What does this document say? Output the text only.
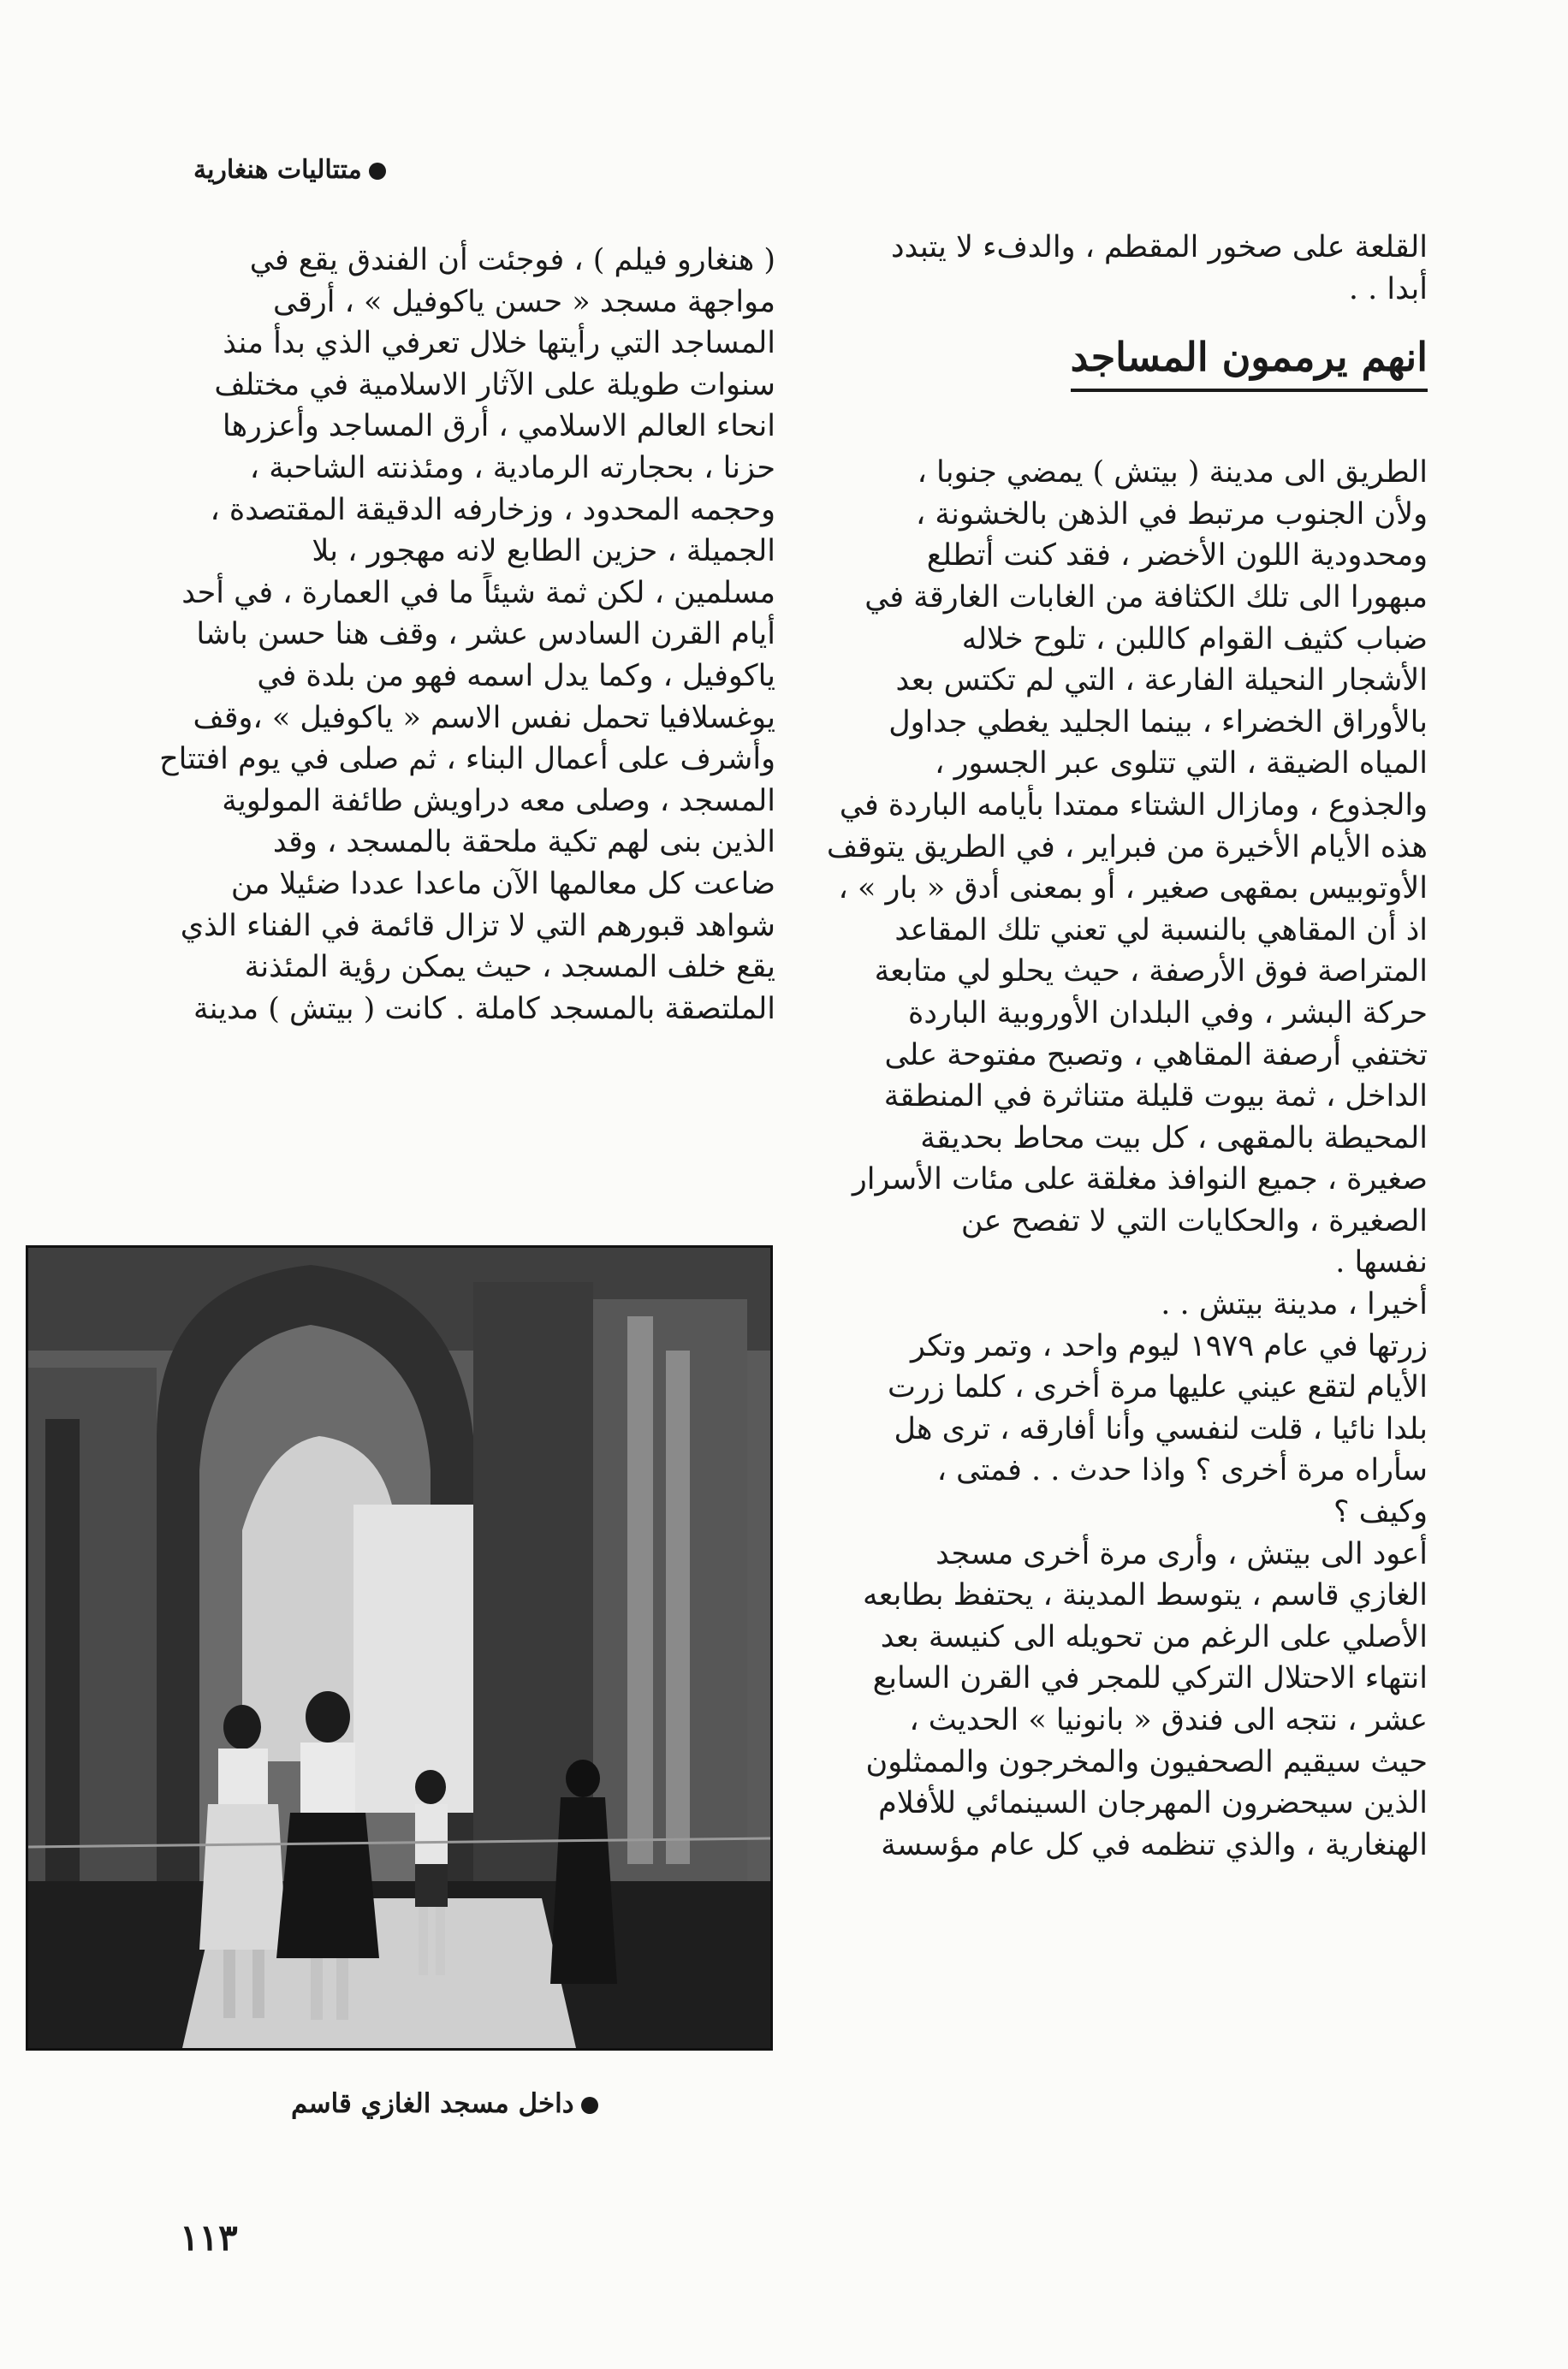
متتاليات هنغارية
القلعة على صخور المقطم ، والدفء لا يتبدد
أبدا . .
انهم يرممون المساجد
الطريق الى مدينة ( بيتش ) يمضي جنوبا ،
ولأن الجنوب مرتبط في الذهن بالخشونة ،
ومحدودية اللون الأخضر ، فقد كنت أتطلع
مبهورا الى تلك الكثافة من الغابات الغارقة في
ضباب كثيف القوام كاللبن ، تلوح خلاله
الأشجار النحيلة الفارعة ، التي لم تكتس بعد
بالأوراق الخضراء ، بينما الجليد يغطي جداول
المياه الضيقة ، التي تتلوى عبر الجسور ،
والجذوع ، ومازال الشتاء ممتدا بأيامه الباردة في
هذه الأيام الأخيرة من فبراير ، في الطريق يتوقف
الأوتوبيس بمقهى صغير ، أو بمعنى أدق « بار » ،
اذ أن المقاهي بالنسبة لي تعني تلك المقاعد
المتراصة فوق الأرصفة ، حيث يحلو لي متابعة
حركة البشر ، وفي البلدان الأوروبية الباردة
تختفي أرصفة المقاهي ، وتصبح مفتوحة على
الداخل ، ثمة بيوت قليلة متناثرة في المنطقة
المحيطة بالمقهى ، كل بيت محاط بحديقة
صغيرة ، جميع النوافذ مغلقة على مئات الأسرار
الصغيرة ، والحكايات التي لا تفصح عن
نفسها .
أخيرا ، مدينة بيتش . .
زرتها في عام ١٩٧٩ ليوم واحد ، وتمر وتكر
الأيام لتقع عيني عليها مرة أخرى ، كلما زرت
بلدا نائيا ، قلت لنفسي وأنا أفارقه ، ترى هل
سأراه مرة أخرى ؟ واذا حدث . . فمتى ،
وكيف ؟
أعود الى بيتش ، وأرى مرة أخرى مسجد
الغازي قاسم ، يتوسط المدينة ، يحتفظ بطابعه
الأصلي على الرغم من تحويله الى كنيسة بعد
انتهاء الاحتلال التركي للمجر في القرن السابع
عشر ، نتجه الى فندق « بانونيا » الحديث ،
حيث سيقيم الصحفيون والمخرجون والممثلون
الذين سيحضرون المهرجان السينمائي للأفلام
الهنغارية ، والذي تنظمه في كل عام مؤسسة
( هنغارو فيلم ) ، فوجئت أن الفندق يقع في
مواجهة مسجد « حسن ياكوفيل » ، أرقى
المساجد التي رأيتها خلال تعرفي الذي بدأ منذ
سنوات طويلة على الآثار الاسلامية في مختلف
انحاء العالم الاسلامي ، أرق المساجد وأعزرها
حزنا ، بحجارته الرمادية ، ومئذنته الشاحبة ،
وحجمه المحدود ، وزخارفه الدقيقة المقتصدة ،
الجميلة ، حزين الطابع لانه مهجور ، بلا
مسلمين ، لكن ثمة شيئاً ما في العمارة ، في أحد
أيام القرن السادس عشر ، وقف هنا حسن باشا
ياكوفيل ، وكما يدل اسمه فهو من بلدة في
يوغسلافيا تحمل نفس الاسم « ياكوفيل » ،وقف
وأشرف على أعمال البناء ، ثم صلى في يوم افتتاح
المسجد ، وصلى معه دراويش طائفة المولوية
الذين بنى لهم تكية ملحقة بالمسجد ، وقد
ضاعت كل معالمها الآن ماعدا عددا ضئيلا من
شواهد قبورهم التي لا تزال قائمة في الفناء الذي
يقع خلف المسجد ، حيث يمكن رؤية المئذنة
الملتصقة بالمسجد كاملة . كانت ( بيتش ) مدينة
داخل مسجد الغازي قاسم
١١٣
